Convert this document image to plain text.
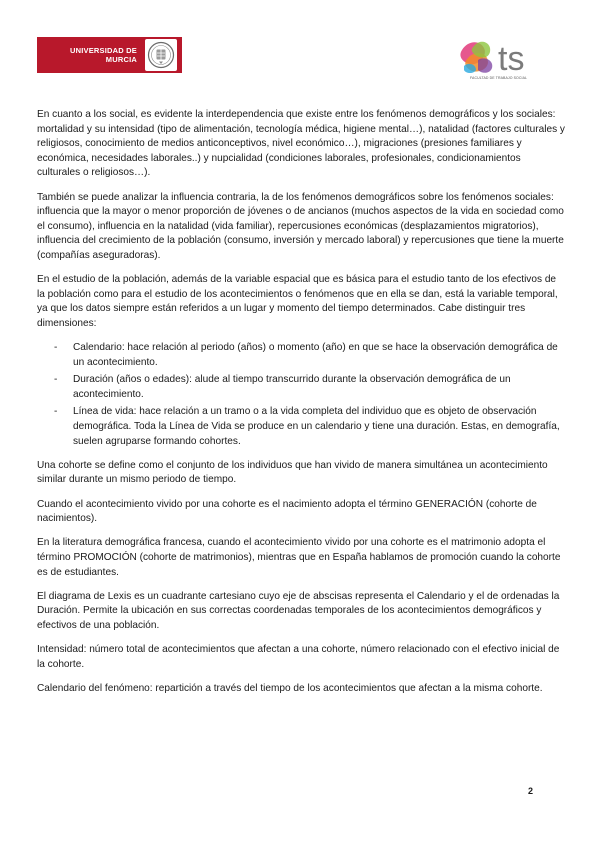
UNIVERSIDAD DE
MURCIA	ts
FACULTAD DE TRABAJO SOCIAL

En cuanto a los social, es evidente la interdependencia que existe entre los fenómenos demográficos y los sociales: mortalidad y su intensidad (tipo de alimentación, tecnología médica, higiene mental…), natalidad (factores culturales y religiosos, conocimiento de medios anticonceptivos, nivel económico…), migraciones (presiones familiares y económica, necesidades laborales..) y nupcialidad (condiciones laborales, profesionales, condicionamientos culturales o religiosos…).

También se puede analizar la influencia contraria, la de los fenómenos demográficos sobre los fenómenos sociales: influencia que la mayor o menor proporción de jóvenes o de ancianos (muchos aspectos de la vida en sociedad como el consumo), influencia en la natalidad (vida familiar), repercusiones económicas (desplazamientos migratorios), influencia del crecimiento de la población (consumo, inversión y mercado laboral) y repercusiones que tiene la muerte (compañías aseguradoras).

En el estudio de la población, además de la variable espacial que es básica para el estudio tanto de los efectivos de la población como para el estudio de los acontecimientos o fenómenos que en ella se dan, está la variable temporal, ya que los datos siempre están referidos a un lugar y momento del tiempo determinados. Cabe distinguir tres dimensiones:

- Calendario: hace relación al periodo (años) o momento (año) en que se hace la observación demográfica de un acontecimiento.
- Duración (años o edades): alude al tiempo transcurrido durante la observación demográfica de un acontecimiento.
- Línea de vida: hace relación a un tramo o a la vida completa del individuo que es objeto de observación demográfica. Toda la Línea de Vida se produce en un calendario y tiene una duración. Estas, en demografía, suelen agruparse formando cohortes.

Una cohorte se define como el conjunto de los individuos que han vivido de manera simultánea un acontecimiento similar durante un mismo periodo de tiempo.

Cuando el acontecimiento vivido por una cohorte es el nacimiento adopta el término GENERACIÓN (cohorte de nacimientos).

En la literatura demográfica francesa, cuando el acontecimiento vivido por una cohorte es el matrimonio adopta el término PROMOCIÓN (cohorte de matrimonios), mientras que en España hablamos de promoción cuando la cohorte es de estudiantes.

El diagrama de Lexis es un cuadrante cartesiano cuyo eje de abscisas representa el Calendario y el de ordenadas la Duración. Permite la ubicación en sus correctas coordenadas temporales de los acontecimientos demográficos y efectivos de una población.

Intensidad: número total de acontecimientos que afectan a una cohorte, número relacionado con el efectivo inicial de la cohorte.

Calendario del fenómeno: repartición a través del tiempo de los acontecimientos que afectan a la misma cohorte.

2
